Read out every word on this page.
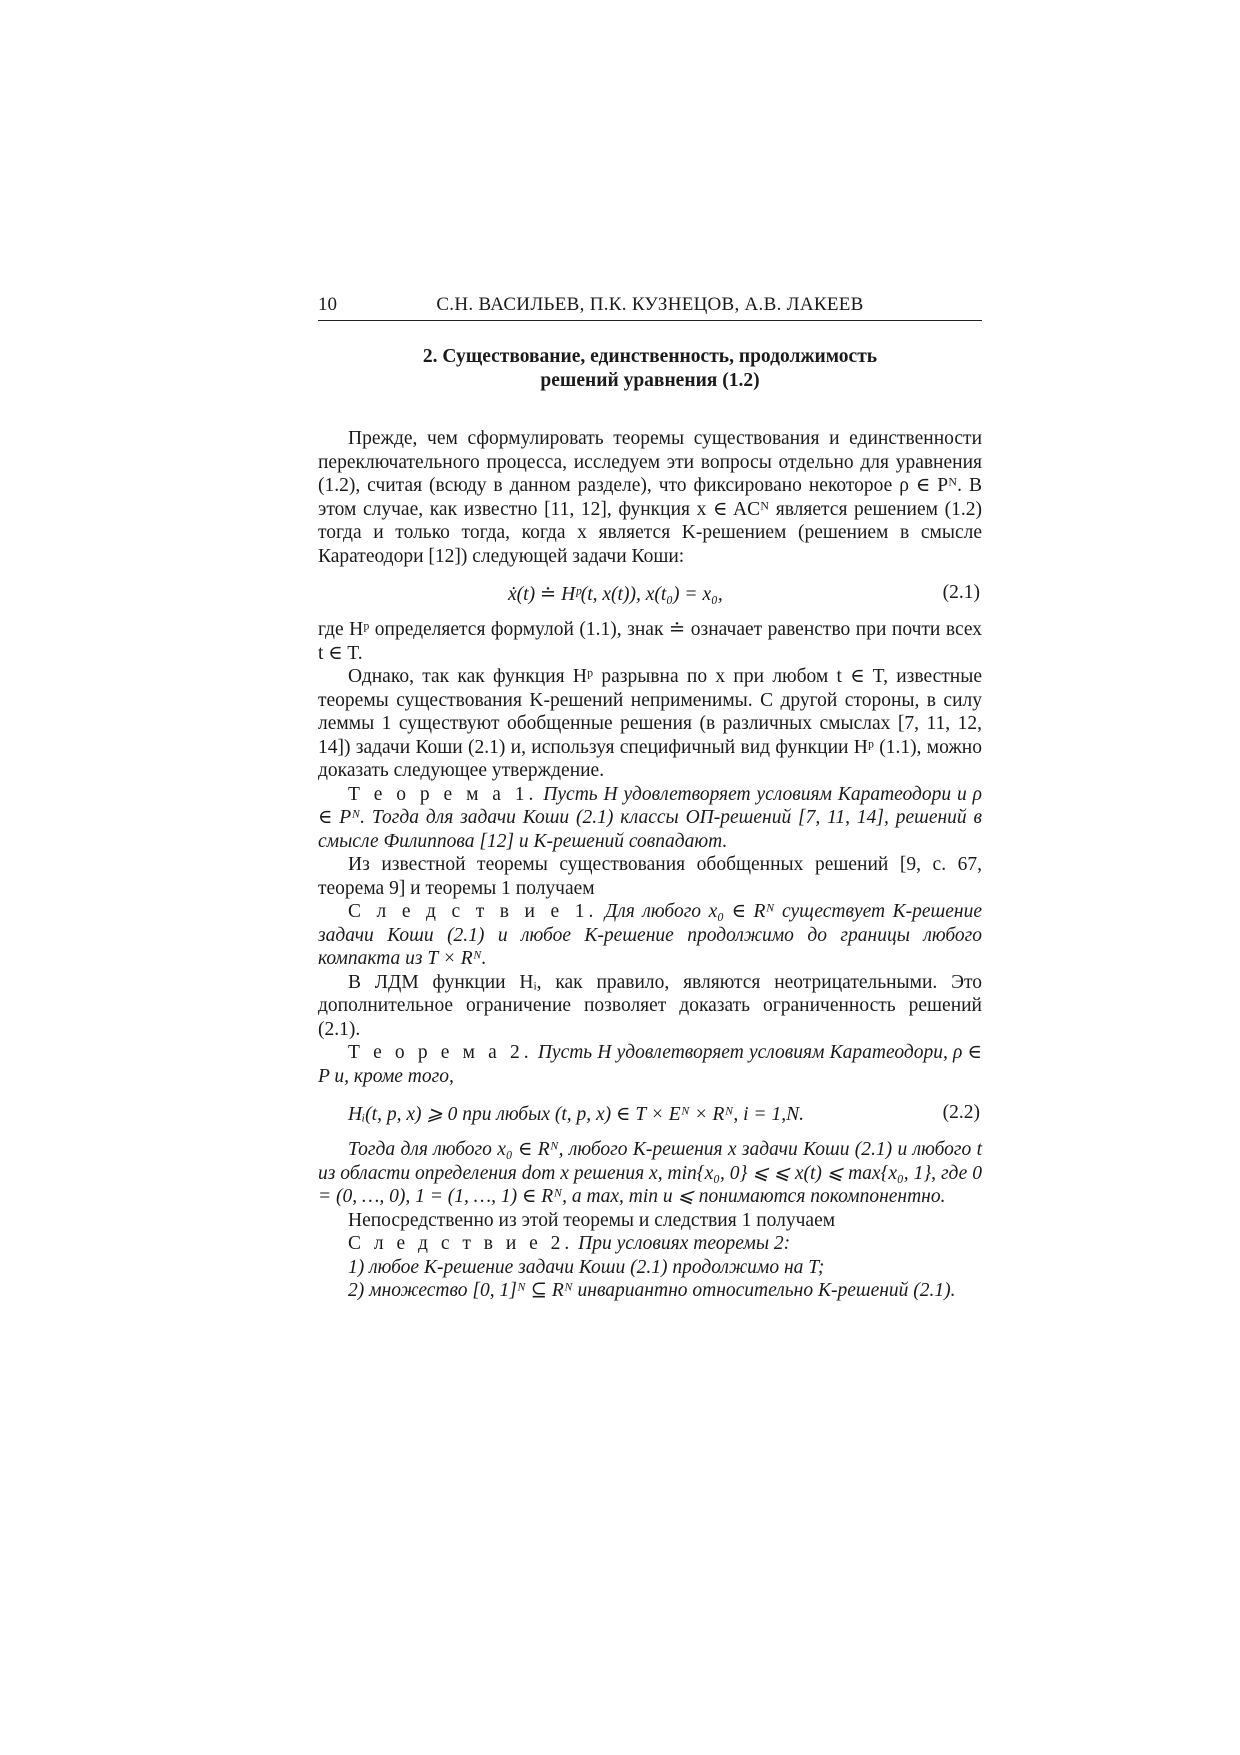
10	С.Н. ВАСИЛЬЕВ, П.К. КУЗНЕЦОВ, А.В. ЛАКЕЕВ
2. Существование, единственность, продолжимость
решений уравнения (1.2)

Прежде, чем сформулировать теоремы существования и единственности переключательного процесса, исследуем эти вопросы отдельно для уравнения (1.2), считая (всюду в данном разделе), что фиксировано некоторое ρ ∈ Pᴺ. В этом случае, как известно [11, 12], функция x ∈ ACᴺ является решением (1.2) тогда и только тогда, когда x является K-решением (решением в смысле Каратеодори [12]) следующей задачи Коши:

ẋ(t) ≐ Hᵖ(t, x(t)), x(t₀) = x₀,	(2.1)

где Hᵖ определяется формулой (1.1), знак ≐ означает равенство при почти всех t ∈ T.

Однако, так как функция Hᵖ разрывна по x при любом t ∈ T, известные теоремы существования K-решений неприменимы. С другой стороны, в силу леммы 1 существуют обобщенные решения (в различных смыслах [7, 11, 12, 14]) задачи Коши (2.1) и, используя специфичный вид функции Hᵖ (1.1), можно доказать следующее утверждение.

Т е о р е м а 1. Пусть H удовлетворяет условиям Каратеодори и ρ ∈ Pᴺ. Тогда для задачи Коши (2.1) классы ОП-решений [7, 11, 14], решений в смысле Филиппова [12] и K-решений совпадают.

Из известной теоремы существования обобщенных решений [9, с. 67, теорема 9] и теоремы 1 получаем

С л е д с т в и е 1. Для любого x₀ ∈ Rᴺ существует K-решение задачи Коши (2.1) и любое K-решение продолжимо до границы любого компакта из T × Rᴺ.

В ЛДМ функции Hᵢ, как правило, являются неотрицательными. Это дополнительное ограничение позволяет доказать ограниченность решений (2.1).

Т е о р е м а 2. Пусть H удовлетворяет условиям Каратеодори, ρ ∈ P и, кроме того,

Hᵢ(t, p, x) ⩾ 0 при любых (t, p, x) ∈ T × Eᴺ × Rᴺ, i = 1,N.	(2.2)

Тогда для любого x₀ ∈ Rᴺ, любого K-решения x задачи Коши (2.1) и любого t из области определения dom x решения x, min{x₀, 0} ⩽ ⩽ x(t) ⩽ max{x₀, 1}, где 0 = (0, …, 0), 1 = (1, …, 1) ∈ Rᴺ, а max, min и ⩽ понимаются покомпонентно.

Непосредственно из этой теоремы и следствия 1 получаем

С л е д с т в и е 2. При условиях теоремы 2:

1) любое K-решение задачи Коши (2.1) продолжимо на T;

2) множество [0, 1]ᴺ ⊆ Rᴺ инвариантно относительно K-решений (2.1).
